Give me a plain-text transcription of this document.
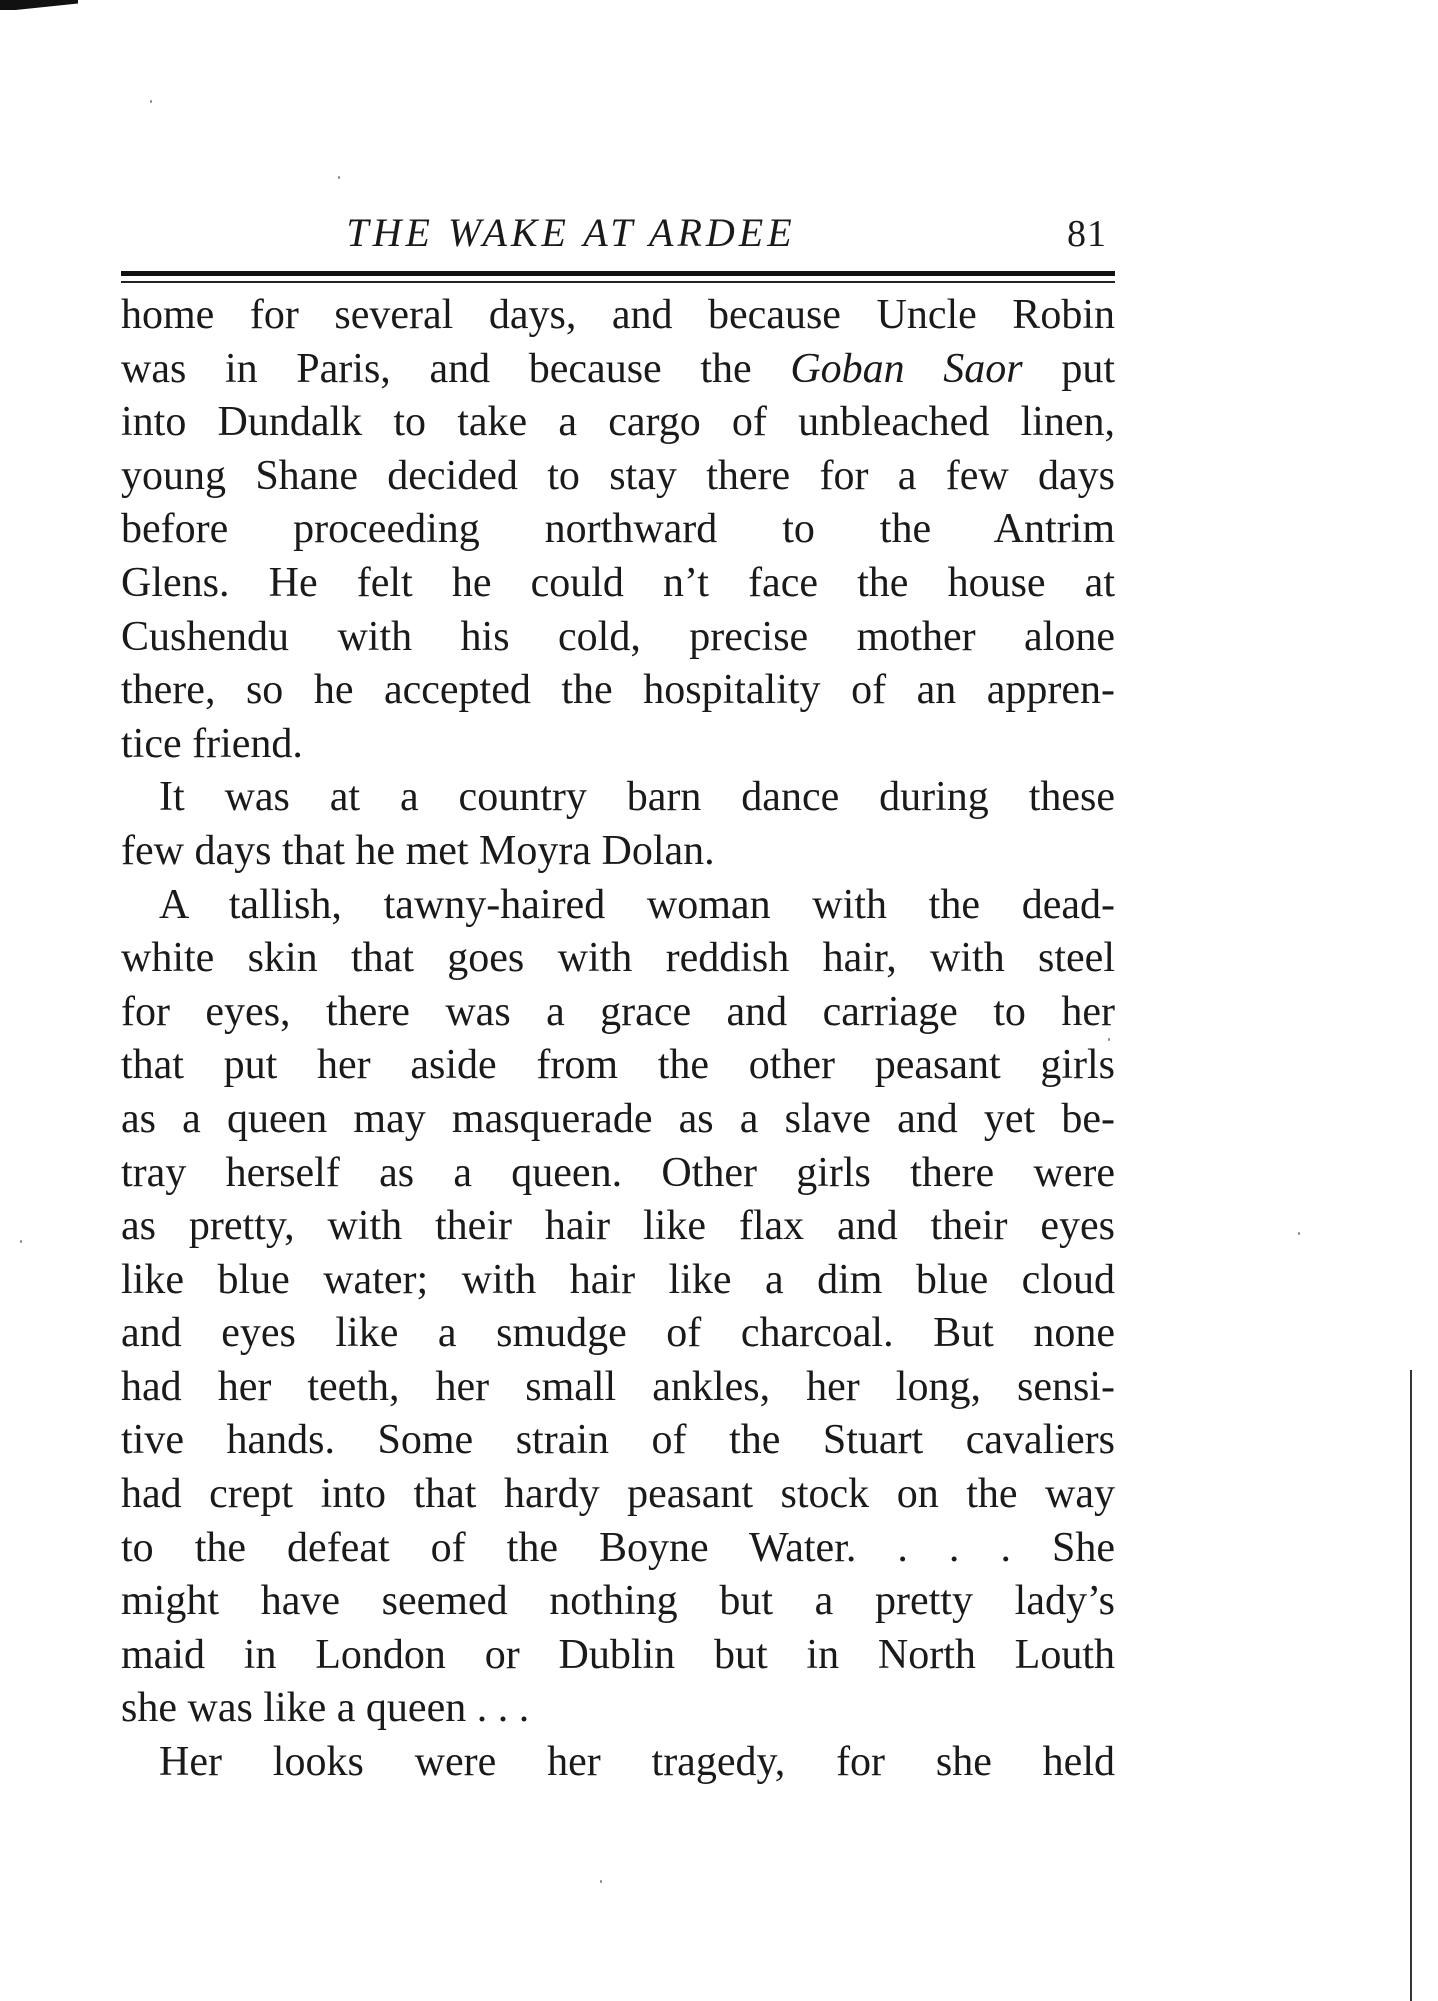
THE WAKE AT ARDEE	81
home for several days, and because Uncle Robin
was in Paris, and because the Goban Saor put
into Dundalk to take a cargo of unbleached linen,
young Shane decided to stay there for a few days
before proceeding northward to the Antrim
Glens. He felt he could n’t face the house at
Cushendu with his cold, precise mother alone
there, so he accepted the hospitality of an appren-
tice friend.
It was at a country barn dance during these
few days that he met Moyra Dolan.
A tallish, tawny-haired woman with the dead-
white skin that goes with reddish hair, with steel
for eyes, there was a grace and carriage to her
that put her aside from the other peasant girls
as a queen may masquerade as a slave and yet be-
tray herself as a queen. Other girls there were
as pretty, with their hair like flax and their eyes
like blue water; with hair like a dim blue cloud
and eyes like a smudge of charcoal. But none
had her teeth, her small ankles, her long, sensi-
tive hands. Some strain of the Stuart cavaliers
had crept into that hardy peasant stock on the way
to the defeat of the Boyne Water. . . . She
might have seemed nothing but a pretty lady’s
maid in London or Dublin but in North Louth
she was like a queen . . .
Her looks were her tragedy, for she held
